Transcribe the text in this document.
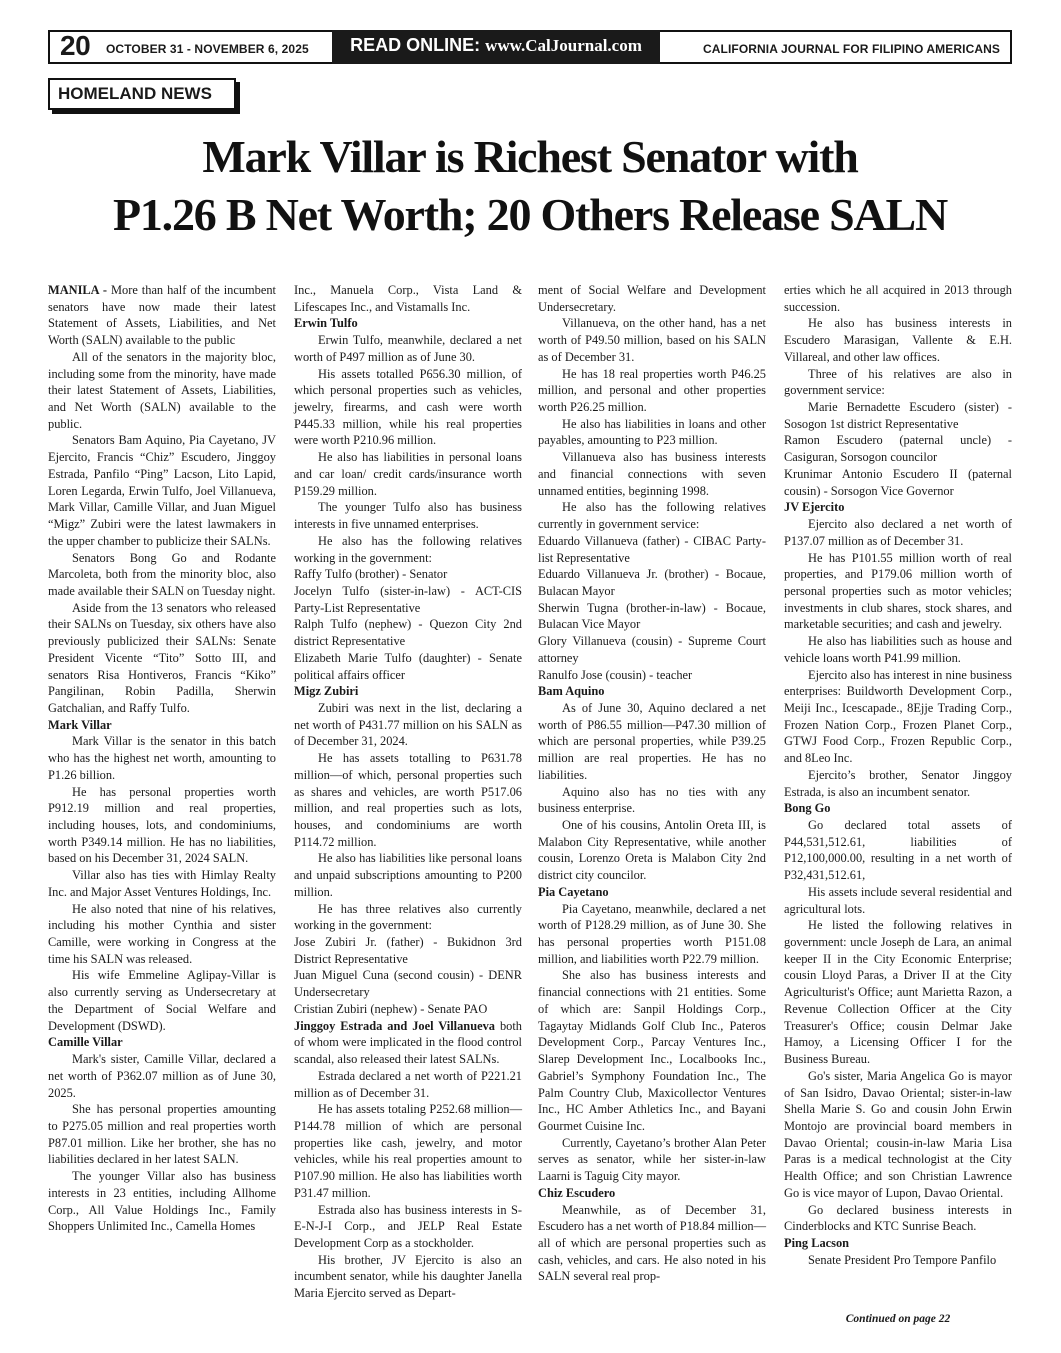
20 OCTOBER 31 - NOVEMBER 6, 2025	READ ONLINE: www.CalJournal.com	CALIFORNIA JOURNAL FOR FILIPINO AMERICANS
HOMELAND NEWS
Mark Villar is Richest Senator with
P1.26 B Net Worth; 20 Others Release SALN

MANILA - More than half of the incumbent senators have now made their latest Statement of Assets, Liabilities, and Net Worth (SALN) available to the public

All of the senators in the majority bloc, including some from the minority, have made their latest Statement of Assets, Liabilities, and Net Worth (SALN) available to the public.

Senators Bam Aquino, Pia Cayetano, JV Ejercito, Francis “Chiz” Escudero, Jinggoy Estrada, Panfilo “Ping” Lacson, Lito Lapid, Loren Legarda, Erwin Tulfo, Joel Villanueva, Mark Villar, Camille Villar, and Juan Miguel “Migz” Zubiri were the latest lawmakers in the upper chamber to publicize their SALNs.

Senators Bong Go and Rodante Marcoleta, both from the minority bloc, also made available their SALN on Tuesday night.

Aside from the 13 senators who released their SALNs on Tuesday, six others have also previously publicized their SALNs: Senate President Vicente “Tito” Sotto III, and senators Risa Hontiveros, Francis “Kiko” Pangilinan, Robin Padilla, Sherwin Gatchalian, and Raffy Tulfo.

Mark Villar

Mark Villar is the senator in this batch who has the highest net worth, amounting to P1.26 billion.

He has personal properties worth P912.19 million and real properties, including houses, lots, and condominiums, worth P349.14 million. He has no liabilities, based on his December 31, 2024 SALN.

Villar also has ties with Himlay Realty Inc. and Major Asset Ventures Holdings, Inc.

He also noted that nine of his relatives, including his mother Cynthia and sister Camille, were working in Congress at the time his SALN was released.

His wife Emmeline Aglipay-Villar is also currently serving as Undersecretary at the Department of Social Welfare and Development (DSWD).

Camille Villar

Mark's sister, Camille Villar, declared a net worth of P362.07 million as of June 30, 2025.

She has personal properties amounting to P275.05 million and real properties worth P87.01 million. Like her brother, she has no liabilities declared in her latest SALN.

The younger Villar also has business interests in 23 entities, including Allhome Corp., All Value Holdings Inc., Family Shoppers Unlimited Inc., Camella Homes

Inc., Manuela Corp., Vista Land & Lifescapes Inc., and Vistamalls Inc.

Erwin Tulfo

Erwin Tulfo, meanwhile, declared a net worth of P497 million as of June 30.

His assets totalled P656.30 million, of which personal properties such as vehicles, jewelry, firearms, and cash were worth P445.33 million, while his real properties were worth P210.96 million.

He also has liabilities in personal loans and car loan/ credit cards/insurance worth P159.29 million.

The younger Tulfo also has business interests in five unnamed enterprises.

He also has the following relatives working in the government:

Raffy Tulfo (brother) - Senator

Jocelyn Tulfo (sister-in-law) - ACT-CIS Party-List Representative

Ralph Tulfo (nephew) - Quezon City 2nd district Representative

Elizabeth Marie Tulfo (daughter) - Senate political affairs officer

Migz Zubiri

Zubiri was next in the list, declaring a net worth of P431.77 million on his SALN as of December 31, 2024.

He has assets totalling to P631.78 million—of which, personal properties such as shares and vehicles, are worth P517.06 million, and real properties such as lots, houses, and condominiums are worth P114.72 million.

He also has liabilities like personal loans and unpaid subscriptions amounting to P200 million.

He has three relatives also currently working in the government:

Jose Zubiri Jr. (father) - Bukidnon 3rd District Representative

Juan Miguel Cuna (second cousin) - DENR Undersecretary

Cristian Zubiri (nephew) - Senate PAO

Jinggoy Estrada and Joel Villanueva both of whom were implicated in the flood control scandal, also released their latest SALNs.

Estrada declared a net worth of P221.21 million as of December 31.

He has assets totaling P252.68 million—P144.78 million of which are personal properties like cash, jewelry, and motor vehicles, while his real properties amount to P107.90 million. He also has liabilities worth P31.47 million.

Estrada also has business interests in S-E-N-J-I Corp., and JELP Real Estate Development Corp as a stockholder.

His brother, JV Ejercito is also an incumbent senator, while his daughter Janella Maria Ejercito served as Depart-

ment of Social Welfare and Development Undersecretary.

Villanueva, on the other hand, has a net worth of P49.50 million, based on his SALN as of December 31.

He has 18 real properties worth P46.25 million, and personal and other properties worth P26.25 million.

He also has liabilities in loans and other payables, amounting to P23 million.

Villanueva also has business interests and financial connections with seven unnamed entities, beginning 1998.

He also has the following relatives currently in government service:

Eduardo Villanueva (father) - CIBAC Party-list Representative

Eduardo Villanueva Jr. (brother) - Bocaue, Bulacan Mayor

Sherwin Tugna (brother-in-law) - Bocaue, Bulacan Vice Mayor

Glory Villanueva (cousin) - Supreme Court attorney

Ranulfo Jose (cousin) - teacher

Bam Aquino

As of June 30, Aquino declared a net worth of P86.55 million—P47.30 million of which are personal properties, while P39.25 million are real properties. He has no liabilities.

Aquino also has no ties with any business enterprise.

One of his cousins, Antolin Oreta III, is Malabon City Representative, while another cousin, Lorenzo Oreta is Malabon City 2nd district city councilor.

Pia Cayetano

Pia Cayetano, meanwhile, declared a net worth of P128.29 million, as of June 30. She has personal properties worth P151.08 million, and liabilities worth P22.79 million.

She also has business interests and financial connections with 21 entities. Some of which are: Sanpil Holdings Corp., Tagaytay Midlands Golf Club Inc., Pateros Development Corp., Parcay Ventures Inc., Slarep Development Inc., Localbooks Inc., Gabriel’s Symphony Foundation Inc., The Palm Country Club, Maxicollector Ventures Inc., HC Amber Athletics Inc., and Bayani Gourmet Cuisine Inc.

Currently, Cayetano’s brother Alan Peter serves as senator, while her sister-in-law Laarni is Taguig City mayor.

Chiz Escudero

Meanwhile, as of December 31, Escudero has a net worth of P18.84 million—all of which are personal properties such as cash, vehicles, and cars. He also noted in his SALN several real prop-

erties which he all acquired in 2013 through succession.

He also has business interests in Escudero Marasigan, Vallente & E.H. Villareal, and other law offices.

Three of his relatives are also in government service:

Marie Bernadette Escudero (sister) - Sosogon 1st district Representative

Ramon Escudero (paternal uncle) - Casiguran, Sorsogon councilor

Krunimar Antonio Escudero II (paternal cousin) - Sorsogon Vice Governor

JV Ejercito

Ejercito also declared a net worth of P137.07 million as of December 31.

He has P101.55 million worth of real properties, and P179.06 million worth of personal properties such as motor vehicles; investments in club shares, stock shares, and marketable securities; and cash and jewelry.

He also has liabilities such as house and vehicle loans worth P41.99 million.

Ejercito also has interest in nine business enterprises: Buildworth Development Corp., Meiji Inc., Icescapade., 8Ejje Trading Corp., Frozen Nation Corp., Frozen Planet Corp., GTWJ Food Corp., Frozen Republic Corp., and 8Leo Inc.

Ejercito’s brother, Senator Jinggoy Estrada, is also an incumbent senator.

Bong Go

Go declared total assets of P44,531,512.61, liabilities of P12,100,000.00, resulting in a net worth of P32,431,512.61,

His assets include several residential and agricultural lots.

He listed the following relatives in government: uncle Joseph de Lara, an animal keeper II in the City Economic Enterprise; cousin Lloyd Paras, a Driver II at the City Agriculturist's Office; aunt Marietta Razon, a Revenue Collection Officer at the City Treasurer's Office; cousin Delmar Jake Hamoy, a Licensing Officer I for the Business Bureau.

Go's sister, Maria Angelica Go is mayor of San Isidro, Davao Oriental; sister-in-law Shella Marie S. Go and cousin John Erwin Montojo are provincial board members in Davao Oriental; cousin-in-law Maria Lisa Paras is a medical technologist at the City Health Office; and son Christian Lawrence Go is vice mayor of Lupon, Davao Oriental.

Go declared business interests in Cinderblocks and KTC Sunrise Beach.

Ping Lacson

Senate President Pro Tempore Panfilo

Continued on page 22
